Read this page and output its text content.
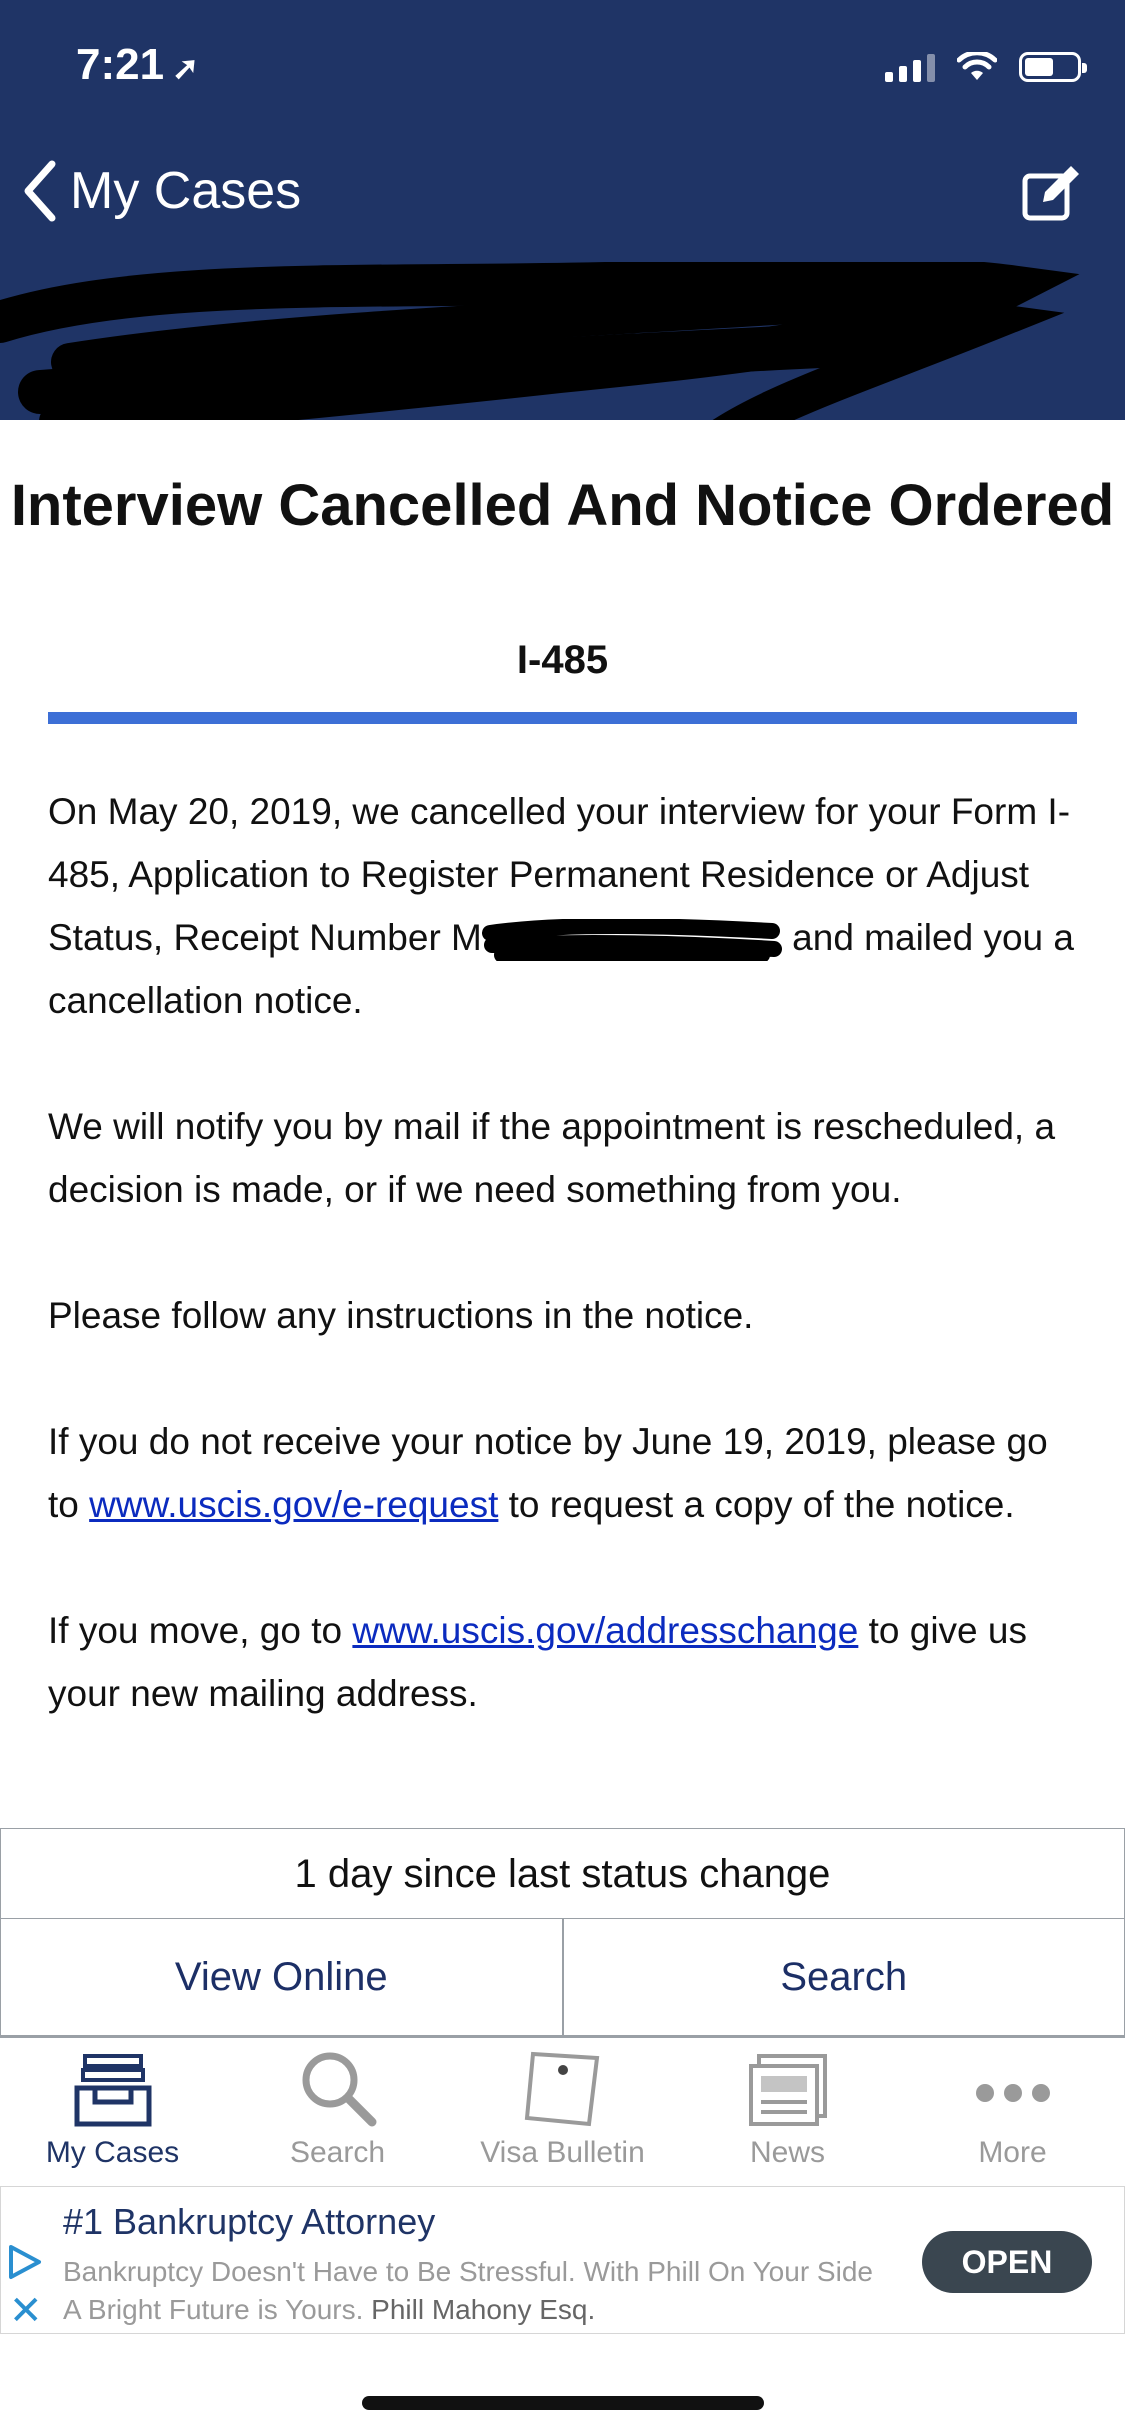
7:21 ➚
My Cases
Interview Cancelled And Notice Ordered
I-485

On May 20, 2019, we cancelled your interview for your Form I-485, Application to Register Permanent Residence or Adjust Status, Receipt Number M	and mailed you a cancellation notice.

We will notify you by mail if the appointment is rescheduled, a decision is made, or if we need something from you.

Please follow any instructions in the notice.

If you do not receive your notice by June 19, 2019, please go to www.uscis.gov/e-request to request a copy of the notice.

If you move, go to www.uscis.gov/addresschange to give us your new mailing address.

1 day since last status change
View Online	Search
My Cases	Search	Visa Bulletin	News	More
✕
#1 Bankruptcy Attorney
Bankruptcy Doesn't Have to Be Stressful. With Phill On Your Side A Bright Future is Yours. Phill Mahony Esq.
OPEN
